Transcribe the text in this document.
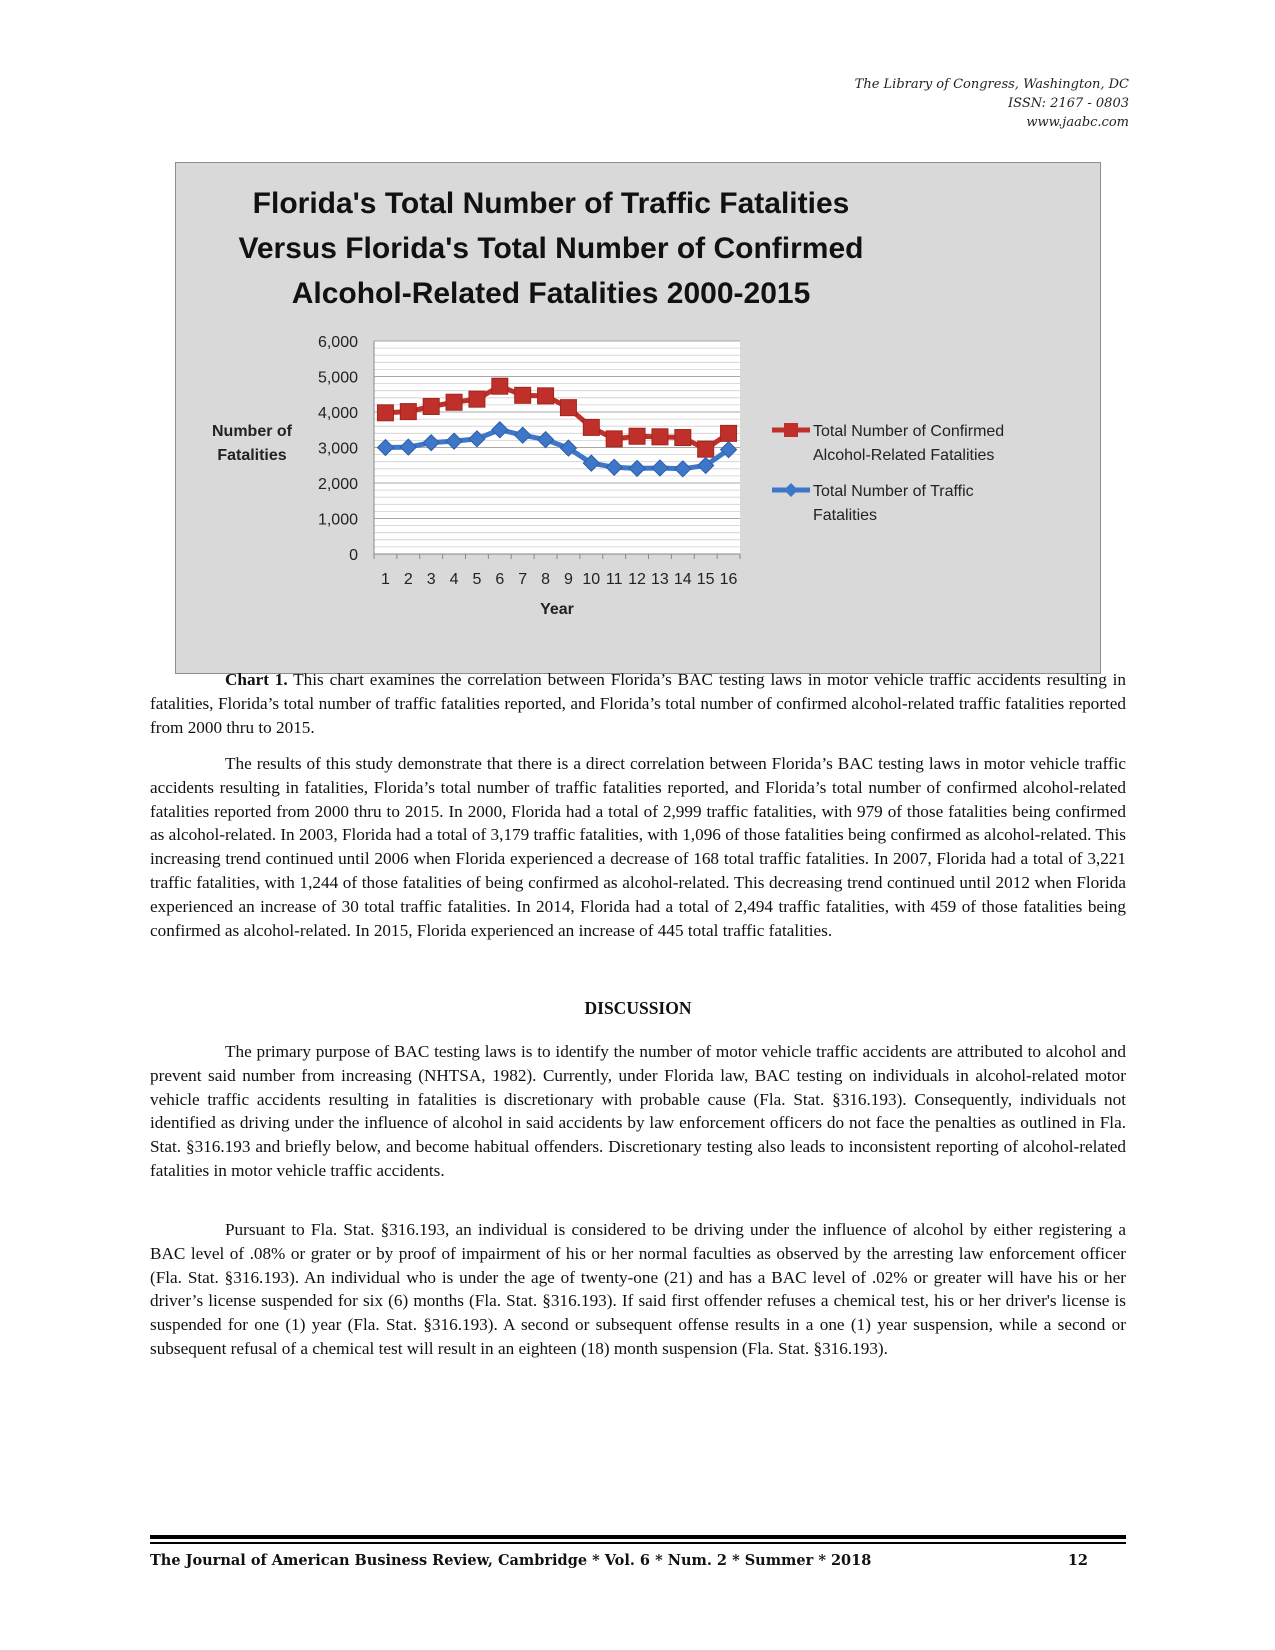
The Library of Congress, Washington, DC
ISSN: 2167 - 0803
www.jaabc.com
Florida's Total Number of Traffic Fatalities
Versus Florida's Total Number of Confirmed
Alcohol-Related Fatalities 2000-2015
0
1,000
2,000
3,000
4,000
5,000
6,000
1 2 3 4 5 6 7 8 9 10 11 12 13 14 15 16
Year
Number of
Fatalities
Total Number of Confirmed
Alcohol-Related Fatalities
Total Number of Traffic
Fatalities
Chart 1. This chart examines the correlation between Florida’s BAC testing laws in motor vehicle traffic accidents resulting in fatalities, Florida’s total number of traffic fatalities reported, and Florida’s total number of confirmed alcohol-related traffic fatalities reported from 2000 thru to 2015.
The results of this study demonstrate that there is a direct correlation between Florida’s BAC testing laws in motor vehicle traffic accidents resulting in fatalities, Florida’s total number of traffic fatalities reported, and Florida’s total number of confirmed alcohol-related fatalities reported from 2000 thru to 2015. In 2000, Florida had a total of 2,999 traffic fatalities, with 979 of those fatalities being confirmed as alcohol-related. In 2003, Florida had a total of 3,179 traffic fatalities, with 1,096 of those fatalities being confirmed as alcohol-related. This increasing trend continued until 2006 when Florida experienced a decrease of 168 total traffic fatalities. In 2007, Florida had a total of 3,221 traffic fatalities, with 1,244 of those fatalities of being confirmed as alcohol-related. This decreasing trend continued until 2012 when Florida experienced an increase of 30 total traffic fatalities. In 2014, Florida had a total of 2,494 traffic fatalities, with 459 of those fatalities being confirmed as alcohol-related. In 2015, Florida experienced an increase of 445 total traffic fatalities.
DISCUSSION
The primary purpose of BAC testing laws is to identify the number of motor vehicle traffic accidents are attributed to alcohol and prevent said number from increasing (NHTSA, 1982). Currently, under Florida law, BAC testing on individuals in alcohol-related motor vehicle traffic accidents resulting in fatalities is discretionary with probable cause (Fla. Stat. §316.193). Consequently, individuals not identified as driving under the influence of alcohol in said accidents by law enforcement officers do not face the penalties as outlined in Fla. Stat. §316.193 and briefly below, and become habitual offenders. Discretionary testing also leads to inconsistent reporting of alcohol-related fatalities in motor vehicle traffic accidents.
Pursuant to Fla. Stat. §316.193, an individual is considered to be driving under the influence of alcohol by either registering a BAC level of .08% or grater or by proof of impairment of his or her normal faculties as observed by the arresting law enforcement officer (Fla. Stat. §316.193). An individual who is under the age of twenty-one (21) and has a BAC level of .02% or greater will have his or her driver’s license suspended for six (6) months (Fla. Stat. §316.193). If said first offender refuses a chemical test, his or her driver's license is suspended for one (1) year (Fla. Stat. §316.193). A second or subsequent offense results in a one (1) year suspension, while a second or subsequent refusal of a chemical test will result in an eighteen (18) month suspension (Fla. Stat. §316.193).
The Journal of American Business Review, Cambridge * Vol. 6 * Num. 2 * Summer * 2018	12
